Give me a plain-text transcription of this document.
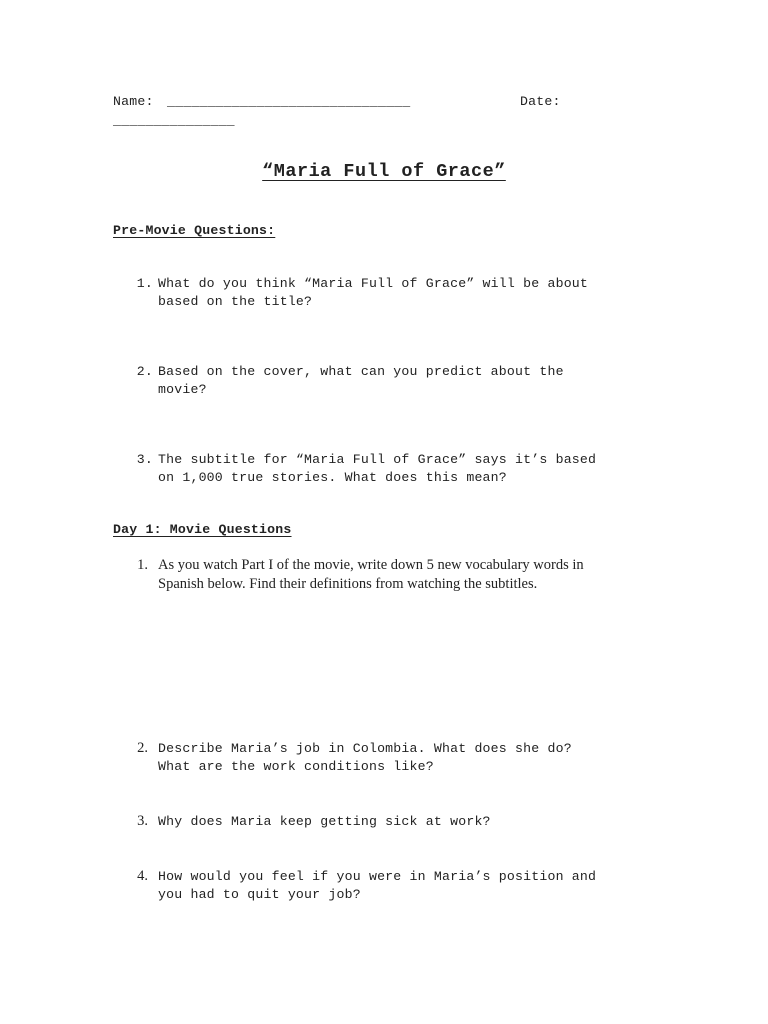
Name: ______________________________	Date:
_______________
“Maria Full of Grace”
Pre-Movie Questions:
1. What do you think “Maria Full of Grace” will be about
based on the title?
2. Based on the cover, what can you predict about the
movie?
3. The subtitle for “Maria Full of Grace” says it’s based
on 1,000 true stories. What does this mean?
Day 1: Movie Questions
1. As you watch Part I of the movie, write down 5 new vocabulary words in
Spanish below. Find their definitions from watching the subtitles.
2. Describe Maria’s job in Colombia. What does she do?
What are the work conditions like?
3. Why does Maria keep getting sick at work?
4. How would you feel if you were in Maria’s position and
you had to quit your job?
